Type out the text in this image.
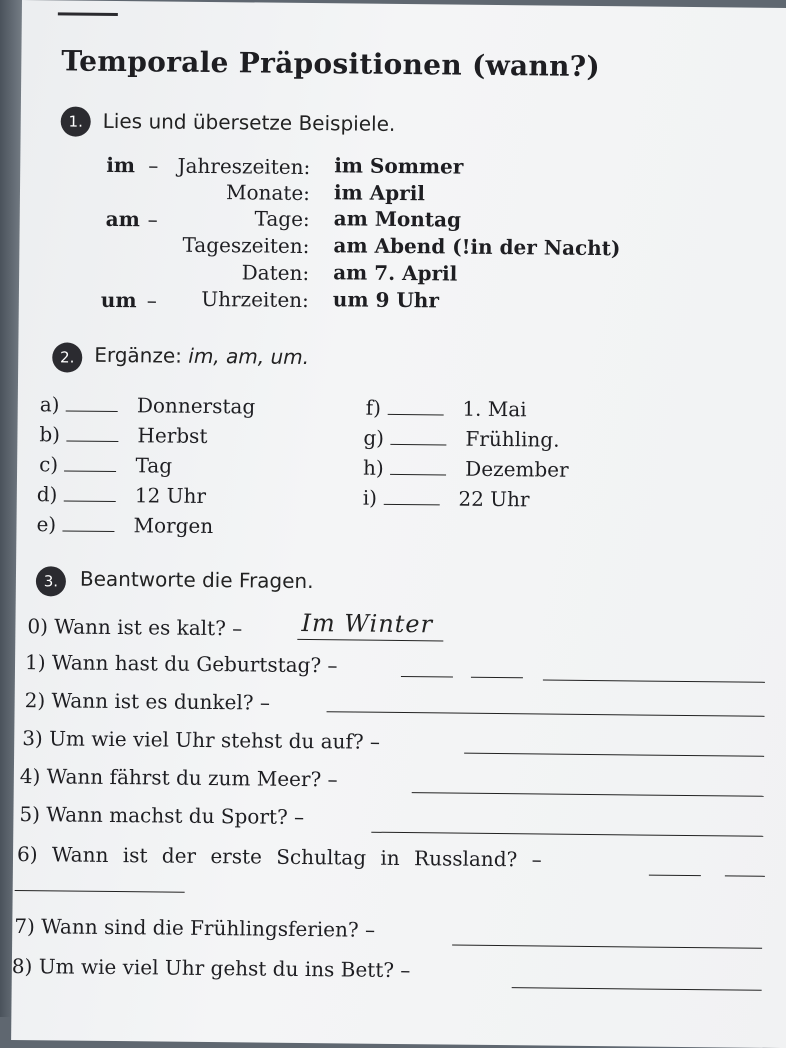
Temporale Präpositionen (wann?)
1. Lies und übersetze Beispiele.
im – Jahreszeiten: im Sommer
Monate: im April
am –	Tage: am Montag
Tageszeiten: am Abend (!in der Nacht)
Daten: am 7. April
um –	Uhrzeiten: um 9 Uhr
2. Ergänze: im, am, um.
a)	Donnerstag
b)	Herbst
c)	Tag
d)	12 Uhr
e)	Morgen
f)	1. Mai
g)	Frühling.
h)	Dezember
i)	22 Uhr
3.	Beantworte die Fragen.
0) Wann ist es kalt? – Im Winter
1) Wann hast du Geburtstag? –
2) Wann ist es dunkel? –
3) Um wie viel Uhr stehst du auf? –
4) Wann fährst du zum Meer? –
5) Wann machst du Sport? –
6) Wann ist der erste Schultag in Russland? –
7) Wann sind die Frühlingsferien? –
8) Um wie viel Uhr gehst du ins Bett? –
